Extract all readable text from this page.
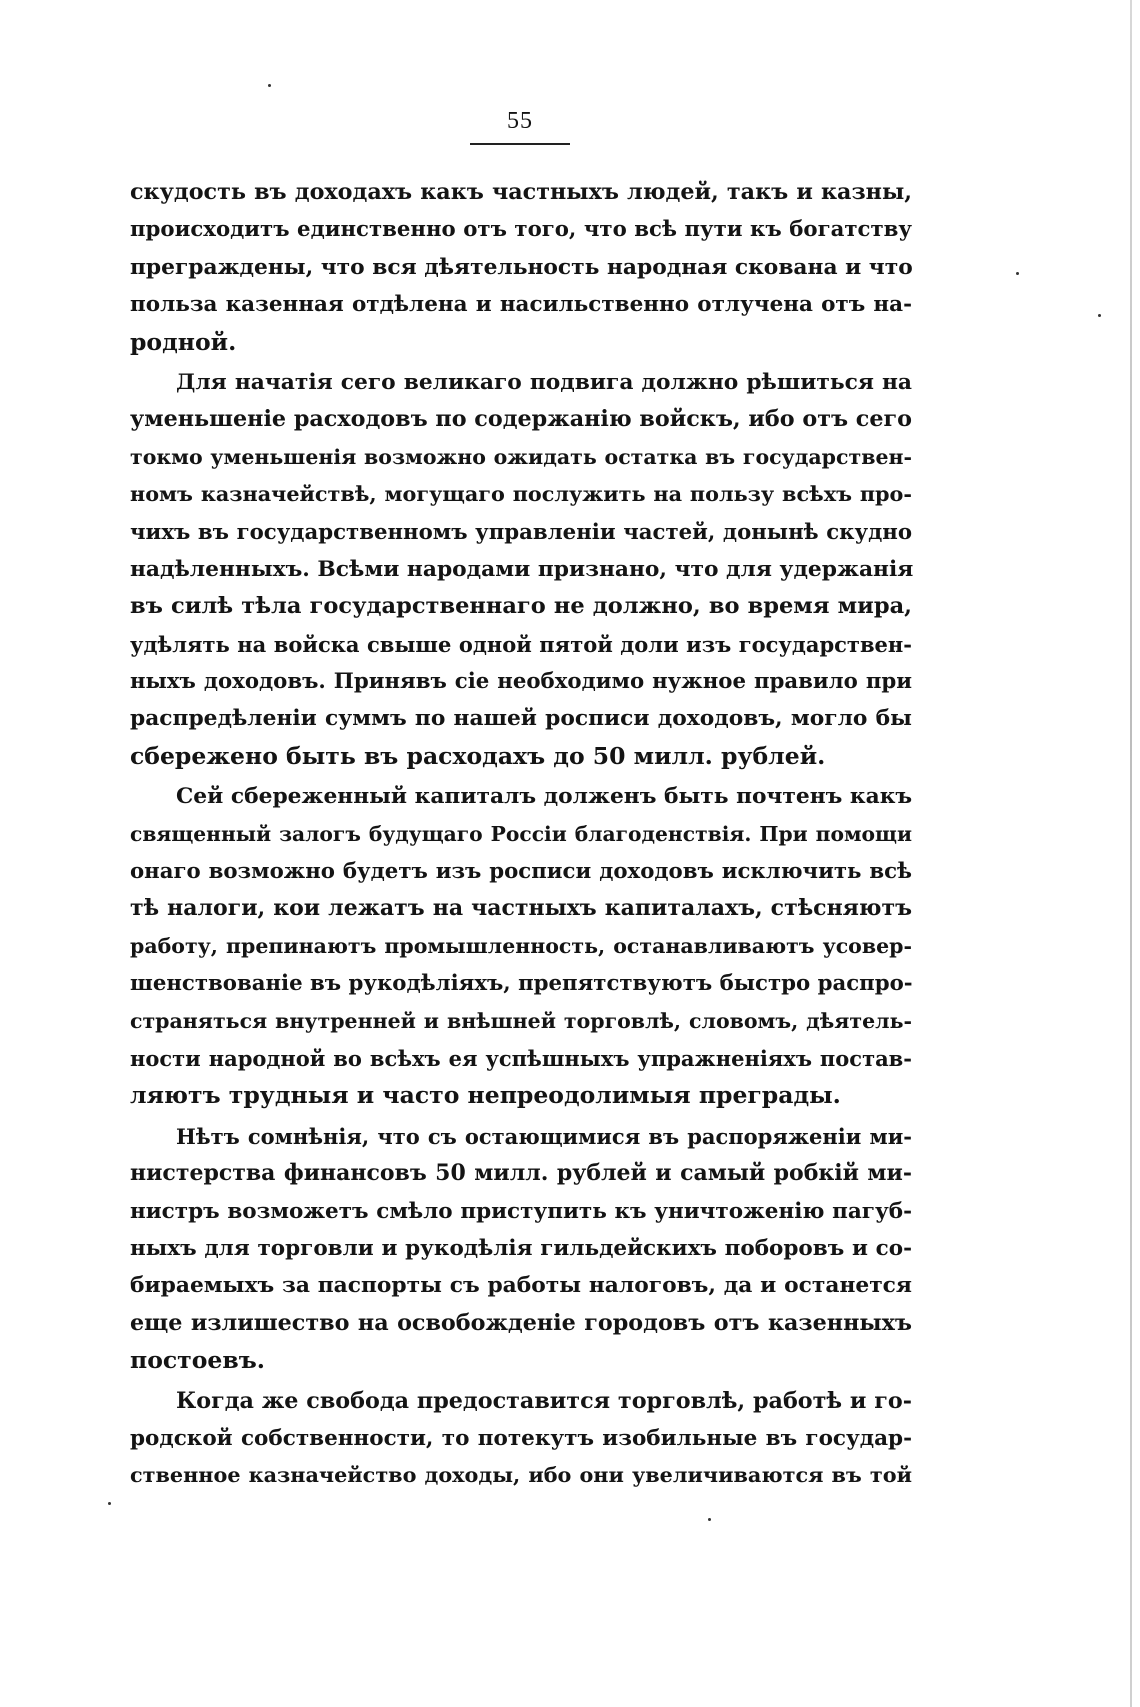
55
скудость въ доходахъ какъ частныхъ людей, такъ и казны,
происходитъ единственно отъ того, что всѣ пути къ богатству
преграждены, что вся дѣятельность народная скована и что
польза казенная отдѣлена и насильственно отлучена отъ на-
родной.
Для начатія сего великаго подвига должно рѣшиться на
уменьшеніе расходовъ по содержанію войскъ, ибо отъ сего
токмо уменьшенія возможно ожидать остатка въ государствен-
номъ казначействѣ, могущаго послужить на пользу всѣхъ про-
чихъ въ государственномъ управленіи частей, донынѣ скудно
надѣленныхъ. Всѣми народами признано, что для удержанія
въ силѣ тѣла государственнаго не должно, во время мира,
удѣлять на войска свыше одной пятой доли изъ государствен-
ныхъ доходовъ. Принявъ сіе необходимо нужное правило при
распредѣленіи суммъ по нашей росписи доходовъ, могло бы
сбережено быть въ расходахъ до 50 милл. рублей.
Сей сбереженный капиталъ долженъ быть почтенъ какъ
священный залогъ будущаго Россіи благоденствія. При помощи
онаго возможно будетъ изъ росписи доходовъ исключить всѣ
тѣ налоги, кои лежатъ на частныхъ капиталахъ, стѣсняютъ
работу, препинаютъ промышленность, останавливаютъ усовер-
шенствованіе въ рукодѣліяхъ, препятствуютъ быстро распро-
страняться внутренней и внѣшней торговлѣ, словомъ, дѣятель-
ности народной во всѣхъ ея успѣшныхъ упражненіяхъ постав-
ляютъ трудныя и часто непреодолимыя преграды.
Нѣтъ сомнѣнія, что съ остающимися въ распоряженіи ми-
нистерства финансовъ 50 милл. рублей и самый робкій ми-
нистръ возможетъ смѣло приступить къ уничтоженію пагуб-
ныхъ для торговли и рукодѣлія гильдейскихъ поборовъ и со-
бираемыхъ за паспорты съ работы налоговъ, да и останется
еще излишество на освобожденіе городовъ отъ казенныхъ
постоевъ.
Когда же свобода предоставится торговлѣ, работѣ и го-
родской собственности, то потекутъ изобильные въ государ-
ственное казначейство доходы, ибо они увеличиваются въ той
